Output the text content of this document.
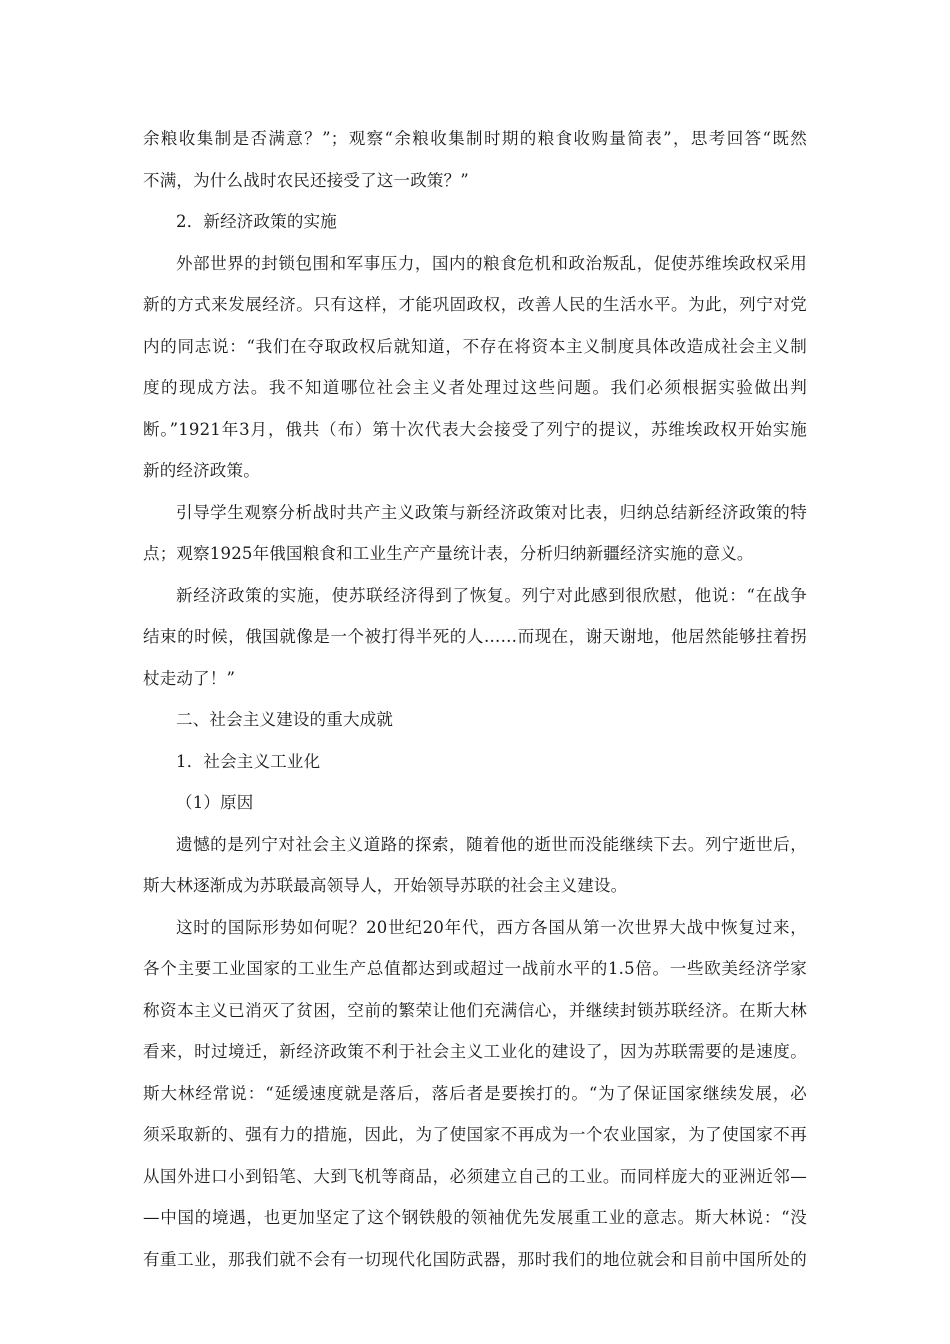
余粮收集制是否满意？”；观察“余粮收集制时期的粮食收购量简表”，思考回答“既然
不满，为什么战时农民还接受了这一政策？”
2．新经济政策的实施
外部世界的封锁包围和军事压力，国内的粮食危机和政治叛乱，促使苏维埃政权采用
新的方式来发展经济。只有这样，才能巩固政权，改善人民的生活水平。为此，列宁对党
内的同志说：“我们在夺取政权后就知道，不存在将资本主义制度具体改造成社会主义制
度的现成方法。我不知道哪位社会主义者处理过这些问题。我们必须根据实验做出判
断。”1921年3月，俄共（布）第十次代表大会接受了列宁的提议，苏维埃政权开始实施
新的经济政策。
引导学生观察分析战时共产主义政策与新经济政策对比表，归纳总结新经济政策的特
点；观察1925年俄国粮食和工业生产产量统计表，分析归纳新疆经济实施的意义。
新经济政策的实施，使苏联经济得到了恢复。列宁对此感到很欣慰，他说：“在战争
结束的时候，俄国就像是一个被打得半死的人……而现在，谢天谢地，他居然能够拄着拐
杖走动了！”
二、社会主义建设的重大成就
1．社会主义工业化
（1）原因
遗憾的是列宁对社会主义道路的探索，随着他的逝世而没能继续下去。列宁逝世后，
斯大林逐渐成为苏联最高领导人，开始领导苏联的社会主义建设。
这时的国际形势如何呢？20世纪20年代，西方各国从第一次世界大战中恢复过来，
各个主要工业国家的工业生产总值都达到或超过一战前水平的1.5倍。一些欧美经济学家
称资本主义已消灭了贫困，空前的繁荣让他们充满信心，并继续封锁苏联经济。在斯大林
看来，时过境迁，新经济政策不利于社会主义工业化的建设了，因为苏联需要的是速度。
斯大林经常说：“延缓速度就是落后，落后者是要挨打的。“为了保证国家继续发展，必
须采取新的、强有力的措施，因此，为了使国家不再成为一个农业国家，为了使国家不再
从国外进口小到铅笔、大到飞机等商品，必须建立自己的工业。而同样庞大的亚洲近邻—
—中国的境遇，也更加坚定了这个钢铁般的领袖优先发展重工业的意志。斯大林说：“没
有重工业，那我们就不会有一切现代化国防武器，那时我们的地位就会和目前中国所处的
